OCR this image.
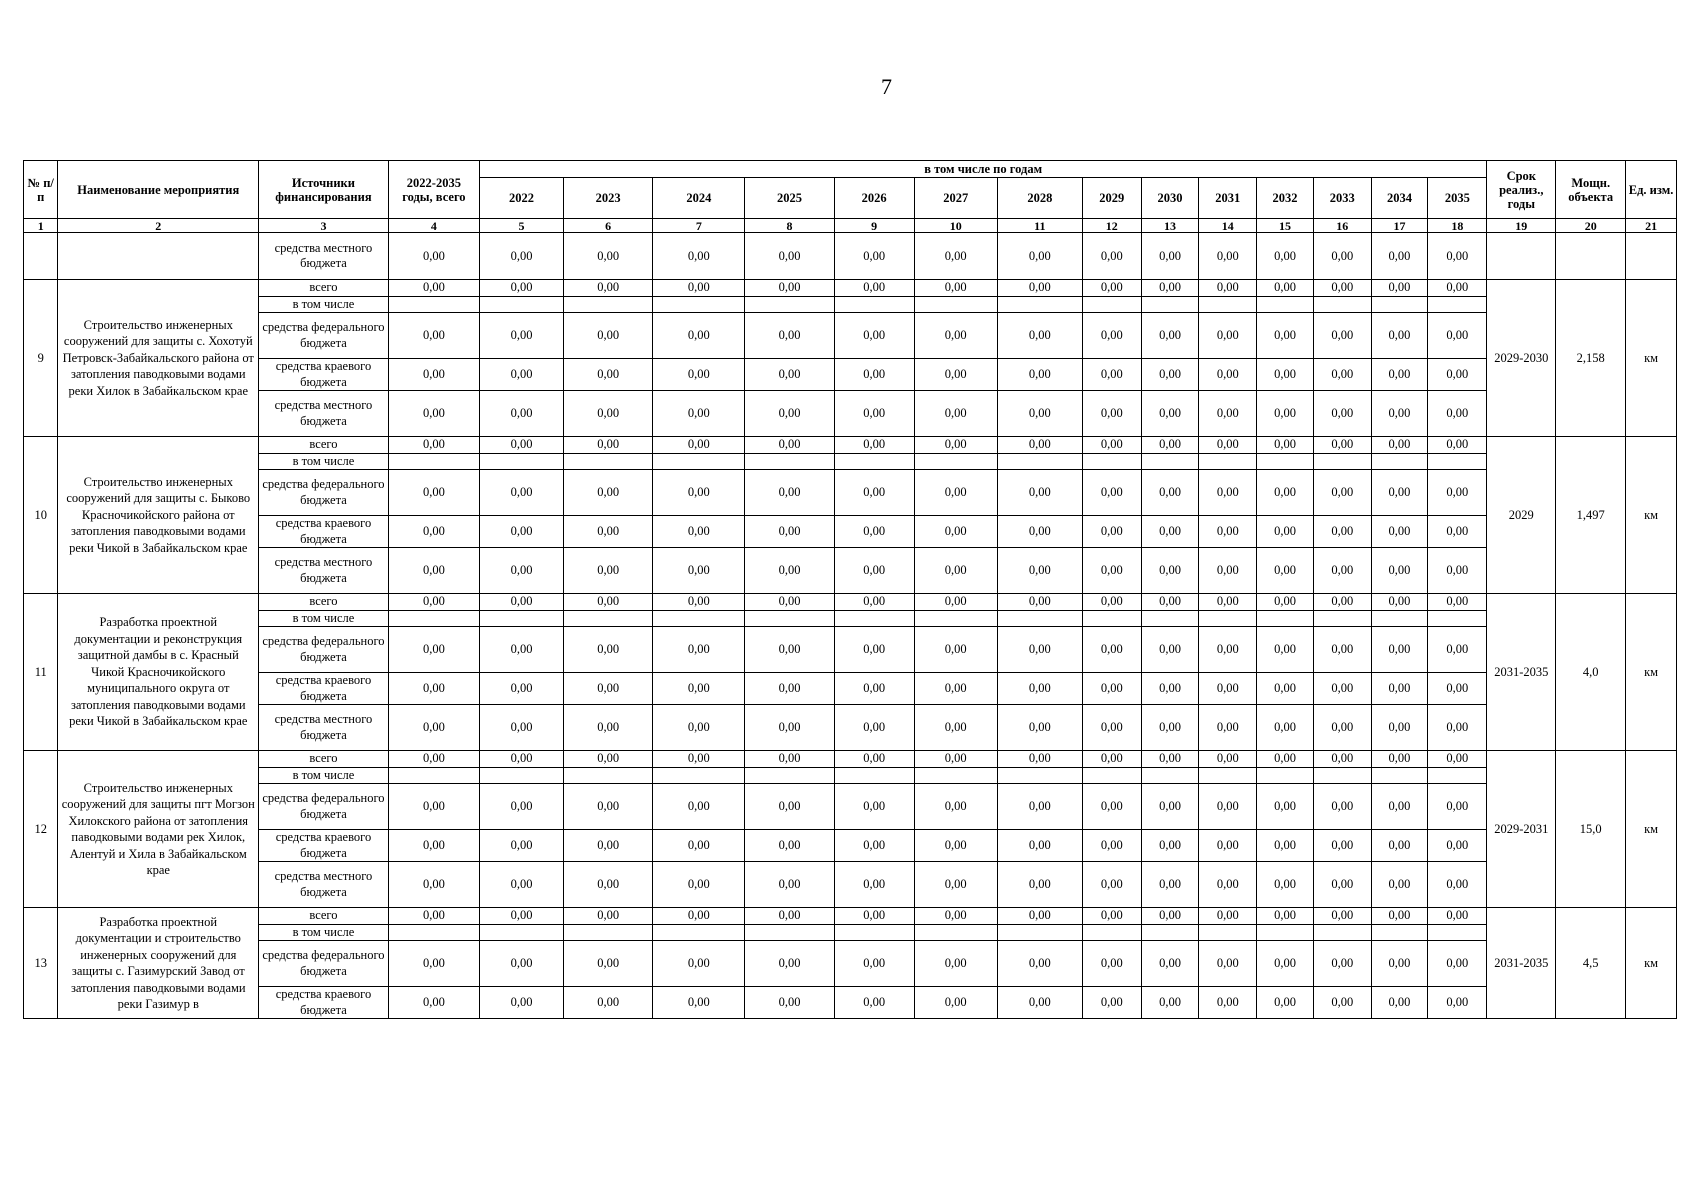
7
№ п/ п	Наименование мероприятия	Источники финансирования	2022-2035 годы, всего	в том числе по годам														Срок реализ., годы	Мощн. объекта	Ед. изм.
				2022	2023	2024	2025	2026	2027	2028	2029	2030	2031	2032	2033	2034	2035			
1	2	3	4	5	6	7	8	9	10	11	12	13	14	15	16	17	18	19	20	21
		средства местного бюджета	0,00	0,00	0,00	0,00	0,00	0,00	0,00	0,00	0,00	0,00	0,00	0,00	0,00	0,00	0,00			
9	Строительство инженерных сооружений для защиты с. Хохотуй Петровск-Забайкальского района от затопления паводковыми водами реки Хилок в Забайкальском крае	всего	0,00	0,00	0,00	0,00	0,00	0,00	0,00	0,00	0,00	0,00	0,00	0,00	0,00	0,00	0,00	2029-2030	2,158	км
		в том числе																		
		средства федерального бюджета	0,00	0,00	0,00	0,00	0,00	0,00	0,00	0,00	0,00	0,00	0,00	0,00	0,00	0,00	0,00			
		средства краевого бюджета	0,00	0,00	0,00	0,00	0,00	0,00	0,00	0,00	0,00	0,00	0,00	0,00	0,00	0,00	0,00			
		средства местного бюджета	0,00	0,00	0,00	0,00	0,00	0,00	0,00	0,00	0,00	0,00	0,00	0,00	0,00	0,00	0,00			
10	Строительство инженерных сооружений для защиты с. Быково Красночикойского района от затопления паводковыми водами реки Чикой в Забайкальском крае	всего	0,00	0,00	0,00	0,00	0,00	0,00	0,00	0,00	0,00	0,00	0,00	0,00	0,00	0,00	0,00	2029	1,497	км
		в том числе																		
		средства федерального бюджета	0,00	0,00	0,00	0,00	0,00	0,00	0,00	0,00	0,00	0,00	0,00	0,00	0,00	0,00	0,00			
		средства краевого бюджета	0,00	0,00	0,00	0,00	0,00	0,00	0,00	0,00	0,00	0,00	0,00	0,00	0,00	0,00	0,00			
		средства местного бюджета	0,00	0,00	0,00	0,00	0,00	0,00	0,00	0,00	0,00	0,00	0,00	0,00	0,00	0,00	0,00			
11	Разработка проектной документации и реконструкция защитной дамбы в с. Красный Чикой Красночикойского муниципального округа от затопления паводковыми водами реки Чикой в Забайкальском крае	всего	0,00	0,00	0,00	0,00	0,00	0,00	0,00	0,00	0,00	0,00	0,00	0,00	0,00	0,00	0,00	2031-2035	4,0	км
		в том числе																		
		средства федерального бюджета	0,00	0,00	0,00	0,00	0,00	0,00	0,00	0,00	0,00	0,00	0,00	0,00	0,00	0,00	0,00			
		средства краевого бюджета	0,00	0,00	0,00	0,00	0,00	0,00	0,00	0,00	0,00	0,00	0,00	0,00	0,00	0,00	0,00			
		средства местного бюджета	0,00	0,00	0,00	0,00	0,00	0,00	0,00	0,00	0,00	0,00	0,00	0,00	0,00	0,00	0,00			
12	Строительство инженерных сооружений для защиты пгт Могзон Хилокского района от затопления паводковыми водами рек Хилок, Алентуй и Хила в Забайкальском крае	всего	0,00	0,00	0,00	0,00	0,00	0,00	0,00	0,00	0,00	0,00	0,00	0,00	0,00	0,00	0,00	2029-2031	15,0	км
		в том числе																		
		средства федерального бюджета	0,00	0,00	0,00	0,00	0,00	0,00	0,00	0,00	0,00	0,00	0,00	0,00	0,00	0,00	0,00			
		средства краевого бюджета	0,00	0,00	0,00	0,00	0,00	0,00	0,00	0,00	0,00	0,00	0,00	0,00	0,00	0,00	0,00			
		средства местного бюджета	0,00	0,00	0,00	0,00	0,00	0,00	0,00	0,00	0,00	0,00	0,00	0,00	0,00	0,00	0,00			
13	Разработка проектной документации и строительство инженерных сооружений для защиты с. Газимурский Завод от затопления паводковыми водами реки Газимур в	всего	0,00	0,00	0,00	0,00	0,00	0,00	0,00	0,00	0,00	0,00	0,00	0,00	0,00	0,00	0,00	2031-2035	4,5	км
		в том числе																		
		средства федерального бюджета	0,00	0,00	0,00	0,00	0,00	0,00	0,00	0,00	0,00	0,00	0,00	0,00	0,00	0,00	0,00			
		средства краевого бюджета	0,00	0,00	0,00	0,00	0,00	0,00	0,00	0,00	0,00	0,00	0,00	0,00	0,00	0,00	0,00			
